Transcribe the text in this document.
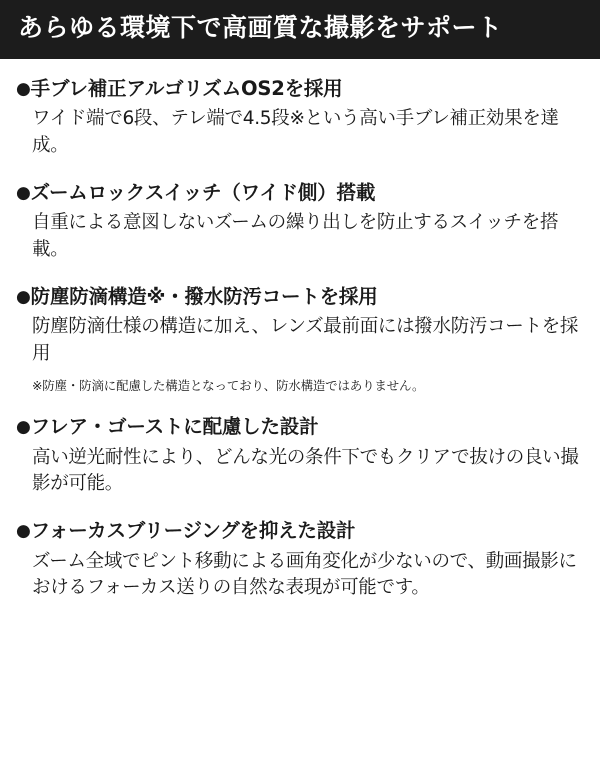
あらゆる環境下で高画質な撮影をサポート
●手ブレ補正アルゴリズムOS2を採用
ワイド端で6段、テレ端で4.5段※という高い手ブレ補正効果を達成。
●ズームロックスイッチ（ワイド側）搭載
自重による意図しないズームの繰り出しを防止するスイッチを搭載。
●防塵防滴構造※・撥水防汚コートを採用
防塵防滴仕様の構造に加え、レンズ最前面には撥水防汚コートを採用
※防塵・防滴に配慮した構造となっており、防水構造ではありません。
●フレア・ゴーストに配慮した設計
高い逆光耐性により、どんな光の条件下でもクリアで抜けの良い撮影が可能。
●フォーカスブリージングを抑えた設計
ズーム全域でピント移動による画角変化が少ないので、動画撮影におけるフォーカス送りの自然な表現が可能です。
